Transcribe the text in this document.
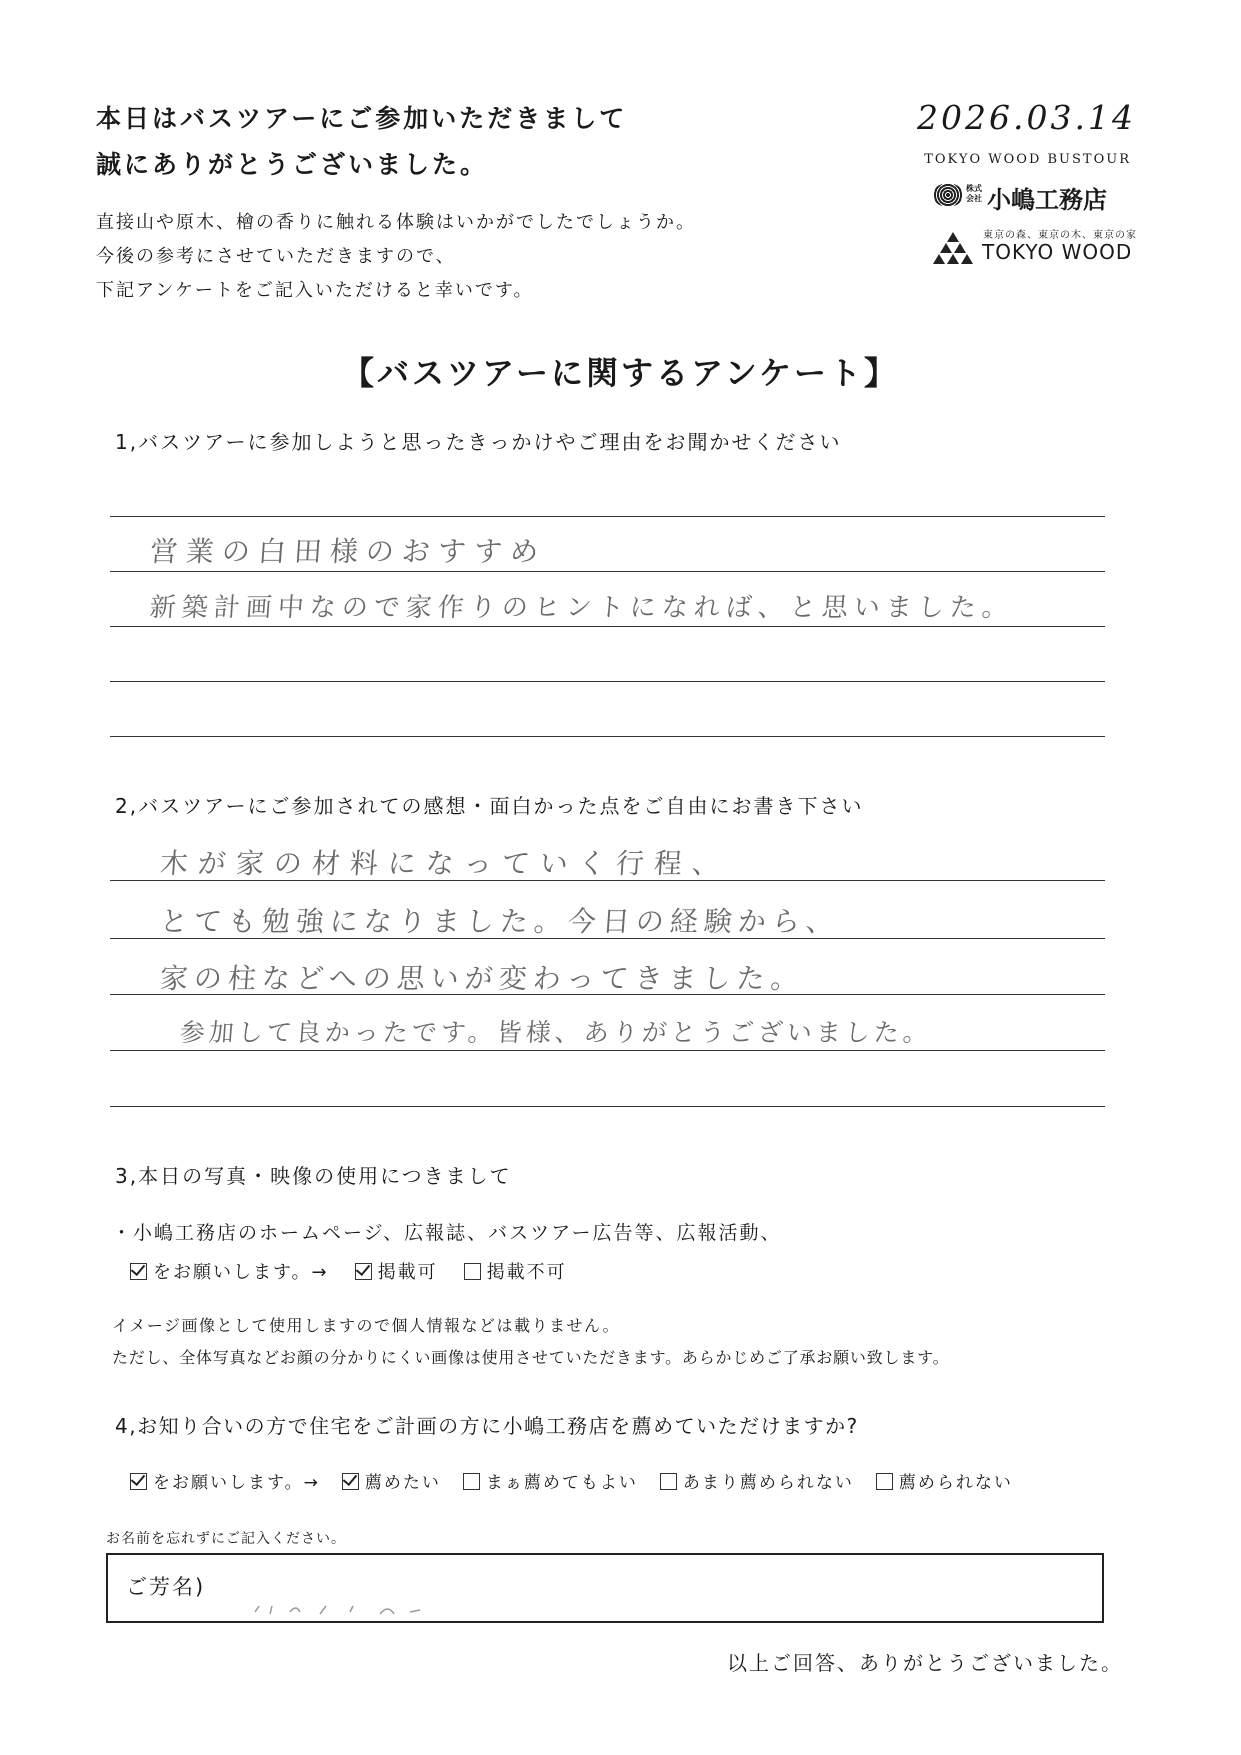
本日はバスツアーにご参加いただきまして
誠にありがとうございました。
直接山や原木、檜の香りに触れる体験はいかがでしたでしょうか。
今後の参考にさせていただきますので、
下記アンケートをご記入いただけると幸いです。
2026.03.14
TOKYO WOOD BUSTOUR
株式会社 小嶋工務店
東京の森、東京の木、東京の家
TOKYO WOOD
【バスツアーに関するアンケート】
1,バスツアーに参加しようと思ったきっかけやご理由をお聞かせください
営業の白田様のおすすめ
新築計画中なので家作りのヒントになれば、と思いました。
2,バスツアーにご参加されての感想・面白かった点をご自由にお書き下さい
木が家の材料になっていく行程、
とても勉強になりました。今日の経験から、
家の柱などへの思いが変わってきました。
参加して良かったです。皆様、ありがとうございました。
3,本日の写真・映像の使用につきまして
・小嶋工務店のホームページ、広報誌、バスツアー広告等、広報活動、
をお願いします。→	掲載可	掲載不可
イメージ画像として使用しますので個人情報などは載りません。
ただし、全体写真などお顔の分かりにくい画像は使用させていただきます。あらかじめご了承お願い致します。
4,お知り合いの方で住宅をご計画の方に小嶋工務店を薦めていただけますか?
をお願いします。→	薦めたい	まぁ薦めてもよい	あまり薦められない	薦められない
お名前を忘れずにご記入ください。
ご芳名)
以上ご回答、ありがとうございました。
